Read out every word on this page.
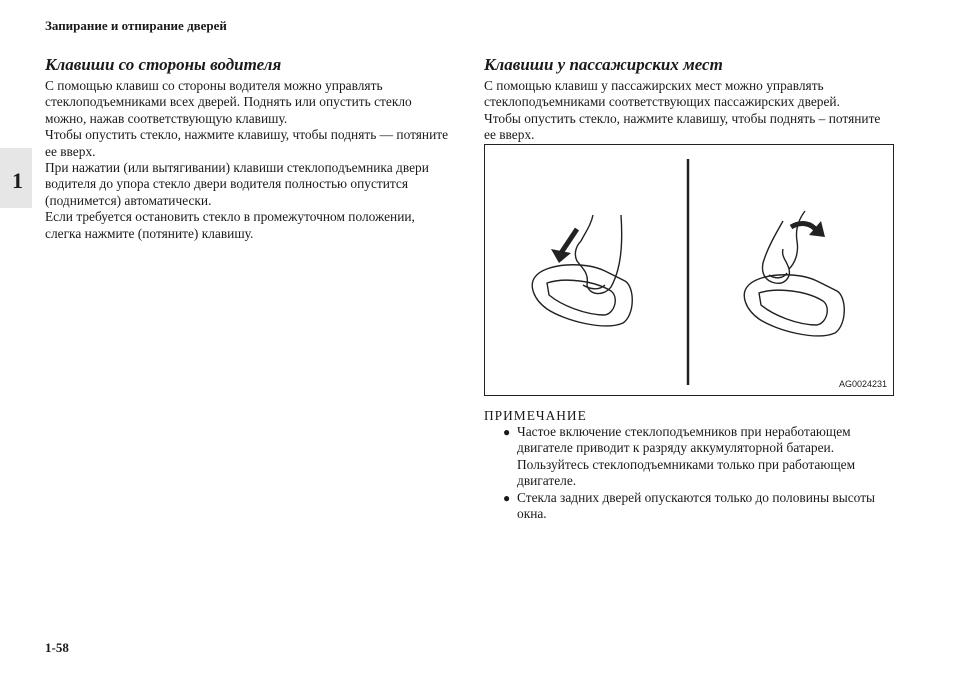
Запирание и отпирание дверей
1
Клавиши со стороны водителя

С помощью клавиш со стороны водителя можно управлять
стеклоподъемниками всех дверей. Поднять или опустить стекло
можно, нажав соответствующую клавишу.
Чтобы опустить стекло, нажмите клавишу, чтобы поднять — потяните
ее вверх.
При нажатии (или вытягивании) клавиши стеклоподъемника двери
водителя до упора стекло двери водителя полностью опустится
(поднимется) автоматически.
Если требуется остановить стекло в промежуточном положении,
слегка нажмите (потяните) клавишу.

Клавиши у пассажирских мест

С помощью клавиш у пассажирских мест можно управлять
стеклоподъемниками соответствующих пассажирских дверей.
Чтобы опустить стекло, нажмите клавишу, чтобы поднять – потяните
ее вверх.

AG0024231

ПРИМЕЧАНИЕ

● Частое включение стеклоподъемников при неработающем
двигателе приводит к разряду аккумуляторной батареи.
Пользуйтесь стеклоподъемниками только при работающем
двигателе.

● Стекла задних дверей опускаются только до половины высоты
окна.

1-58
